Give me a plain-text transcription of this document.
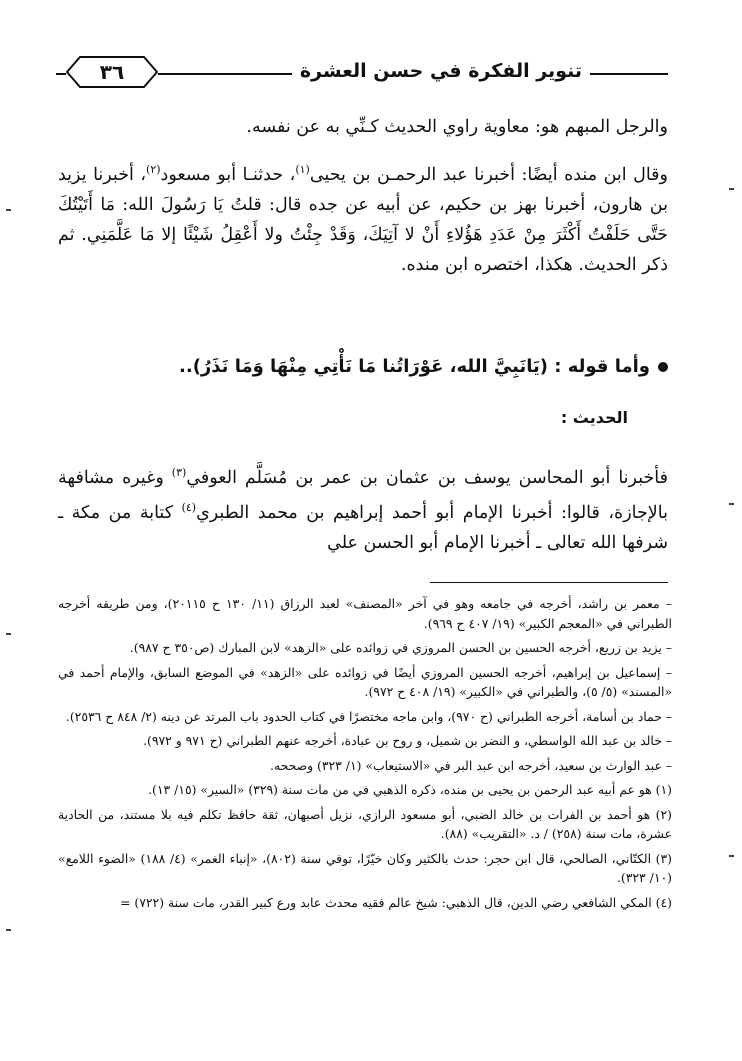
٣٦	تنوير الفكرة في حسن العشرة
والرجل المبهم هو: معاوية راوي الحديث كـنِّي به عن نفسه.
وقال ابن منده أيضًا: أخبرنا عبد الرحمـن بن يحيى$^{(١)}$، حدثنـا أبو مسعود$^{(٢)}$، أخبرنا يزيد بن هارون، أخبرنا بهز بن حكيم، عن أبيه عن جده قال: قلتُ يَا رَسُولَ الله: مَا أَتَيْتُكَ حَتَّى حَلَفْتُ أَكْثَرَ مِنْ عَدَدِ هَؤُلاءِ أَنْ لا آتِيَكَ، وَقَدْ جِئْتُ ولا أَعْقِلُ شَيْئًا إلا مَا عَلَّمَنِي. ثم ذكر الحديث. هكذا، اختصره ابن منده.
وأما قوله : (يَانَبِيَّ الله، عَوْرَاتُنا مَا نَأْتِي مِنْهَا وَمَا نَذَرُ)..
الحديث :
فأخبرنا أبو المحاسن يوسف بن عثمان بن عمر بن مُسَلَّم العوفي$^{(٣)}$ وغيره مشافهة بالإجازة، قالوا: أخبرنا الإمام أبو أحمد إبراهيم بن محمد الطبري$^{(٤)}$ كتابة من مكة ـ شرفها الله تعالى ـ أخبرنا الإمام أبو الحسن علي

– معمر بن راشد، أخرجه في جامعه وهو في آخر «المصنف» لعبد الرزاق (١١/ ١٣٠ ح ٢٠١١٥)، ومن طريقه أخرجه الطبراني في «المعجم الكبير» (١٩/ ٤٠٧ ح ٩٦٩).

– يزيد بن زريع، أخرجه الحسين بن الحسن المروزي في زوائده على «الزهد» لابن المبارك (ص٣٥٠ ح ٩٨٧).

– إسماعيل بن إبراهيم، أخرجه الحسين المروزي أيضًا في زوائده على «الزهد» في الموضع السابق، والإمام أحمد في «المسند» (٥/ ٥)، والطبراني في «الكبير» (١٩/ ٤٠٨ ح ٩٧٢).

– حماد بن أسامة، أخرجه الطبراني (ح ٩٧٠)، وابن ماجه مختصرًا في كتاب الحدود باب المرتد عن دينه (٢/ ٨٤٨ ح ٢٥٣٦).

– خالد بن عبد الله الواسطي، و النضر بن شميل، و روح بن عبادة، أخرجه عنهم الطبراني (ح ٩٧١ و ٩٧٢).

– عبد الوارث بن سعيد، أخرجه ابن عبد البر في «الاستيعاب» (١/ ٣٢٣) وصححه.

(١) هو عم أبيه عبد الرحمن بن يحيى بن منده، ذكره الذهبي في من مات سنة (٣٢٩) «السير» (١٥/ ١٣).

(٢) هو أحمد بن الفرات بن خالد الضبي، أبو مسعود الرازي، نزيل أصبهان، ثقة حافظ تكلم فيه بلا مستند، من الحادية عشرة، مات سنة (٢٥٨) / د. «التقريب» (٨٨).

(٣) الكتّاني، الصالحي، قال ابن حجر: حدث بالكثير وكان خيّرًا، توفي سنة (٨٠٢)، «إنباء الغمر» (٤/ ١٨٨) «الضوء اللامع» (١٠/ ٣٢٣).

(٤) المكي الشافعي رضي الدين، قال الذهبي: شيخ عالم فقيه محدث عابد ورع كبير القدر، مات سنة (٧٢٢) =
